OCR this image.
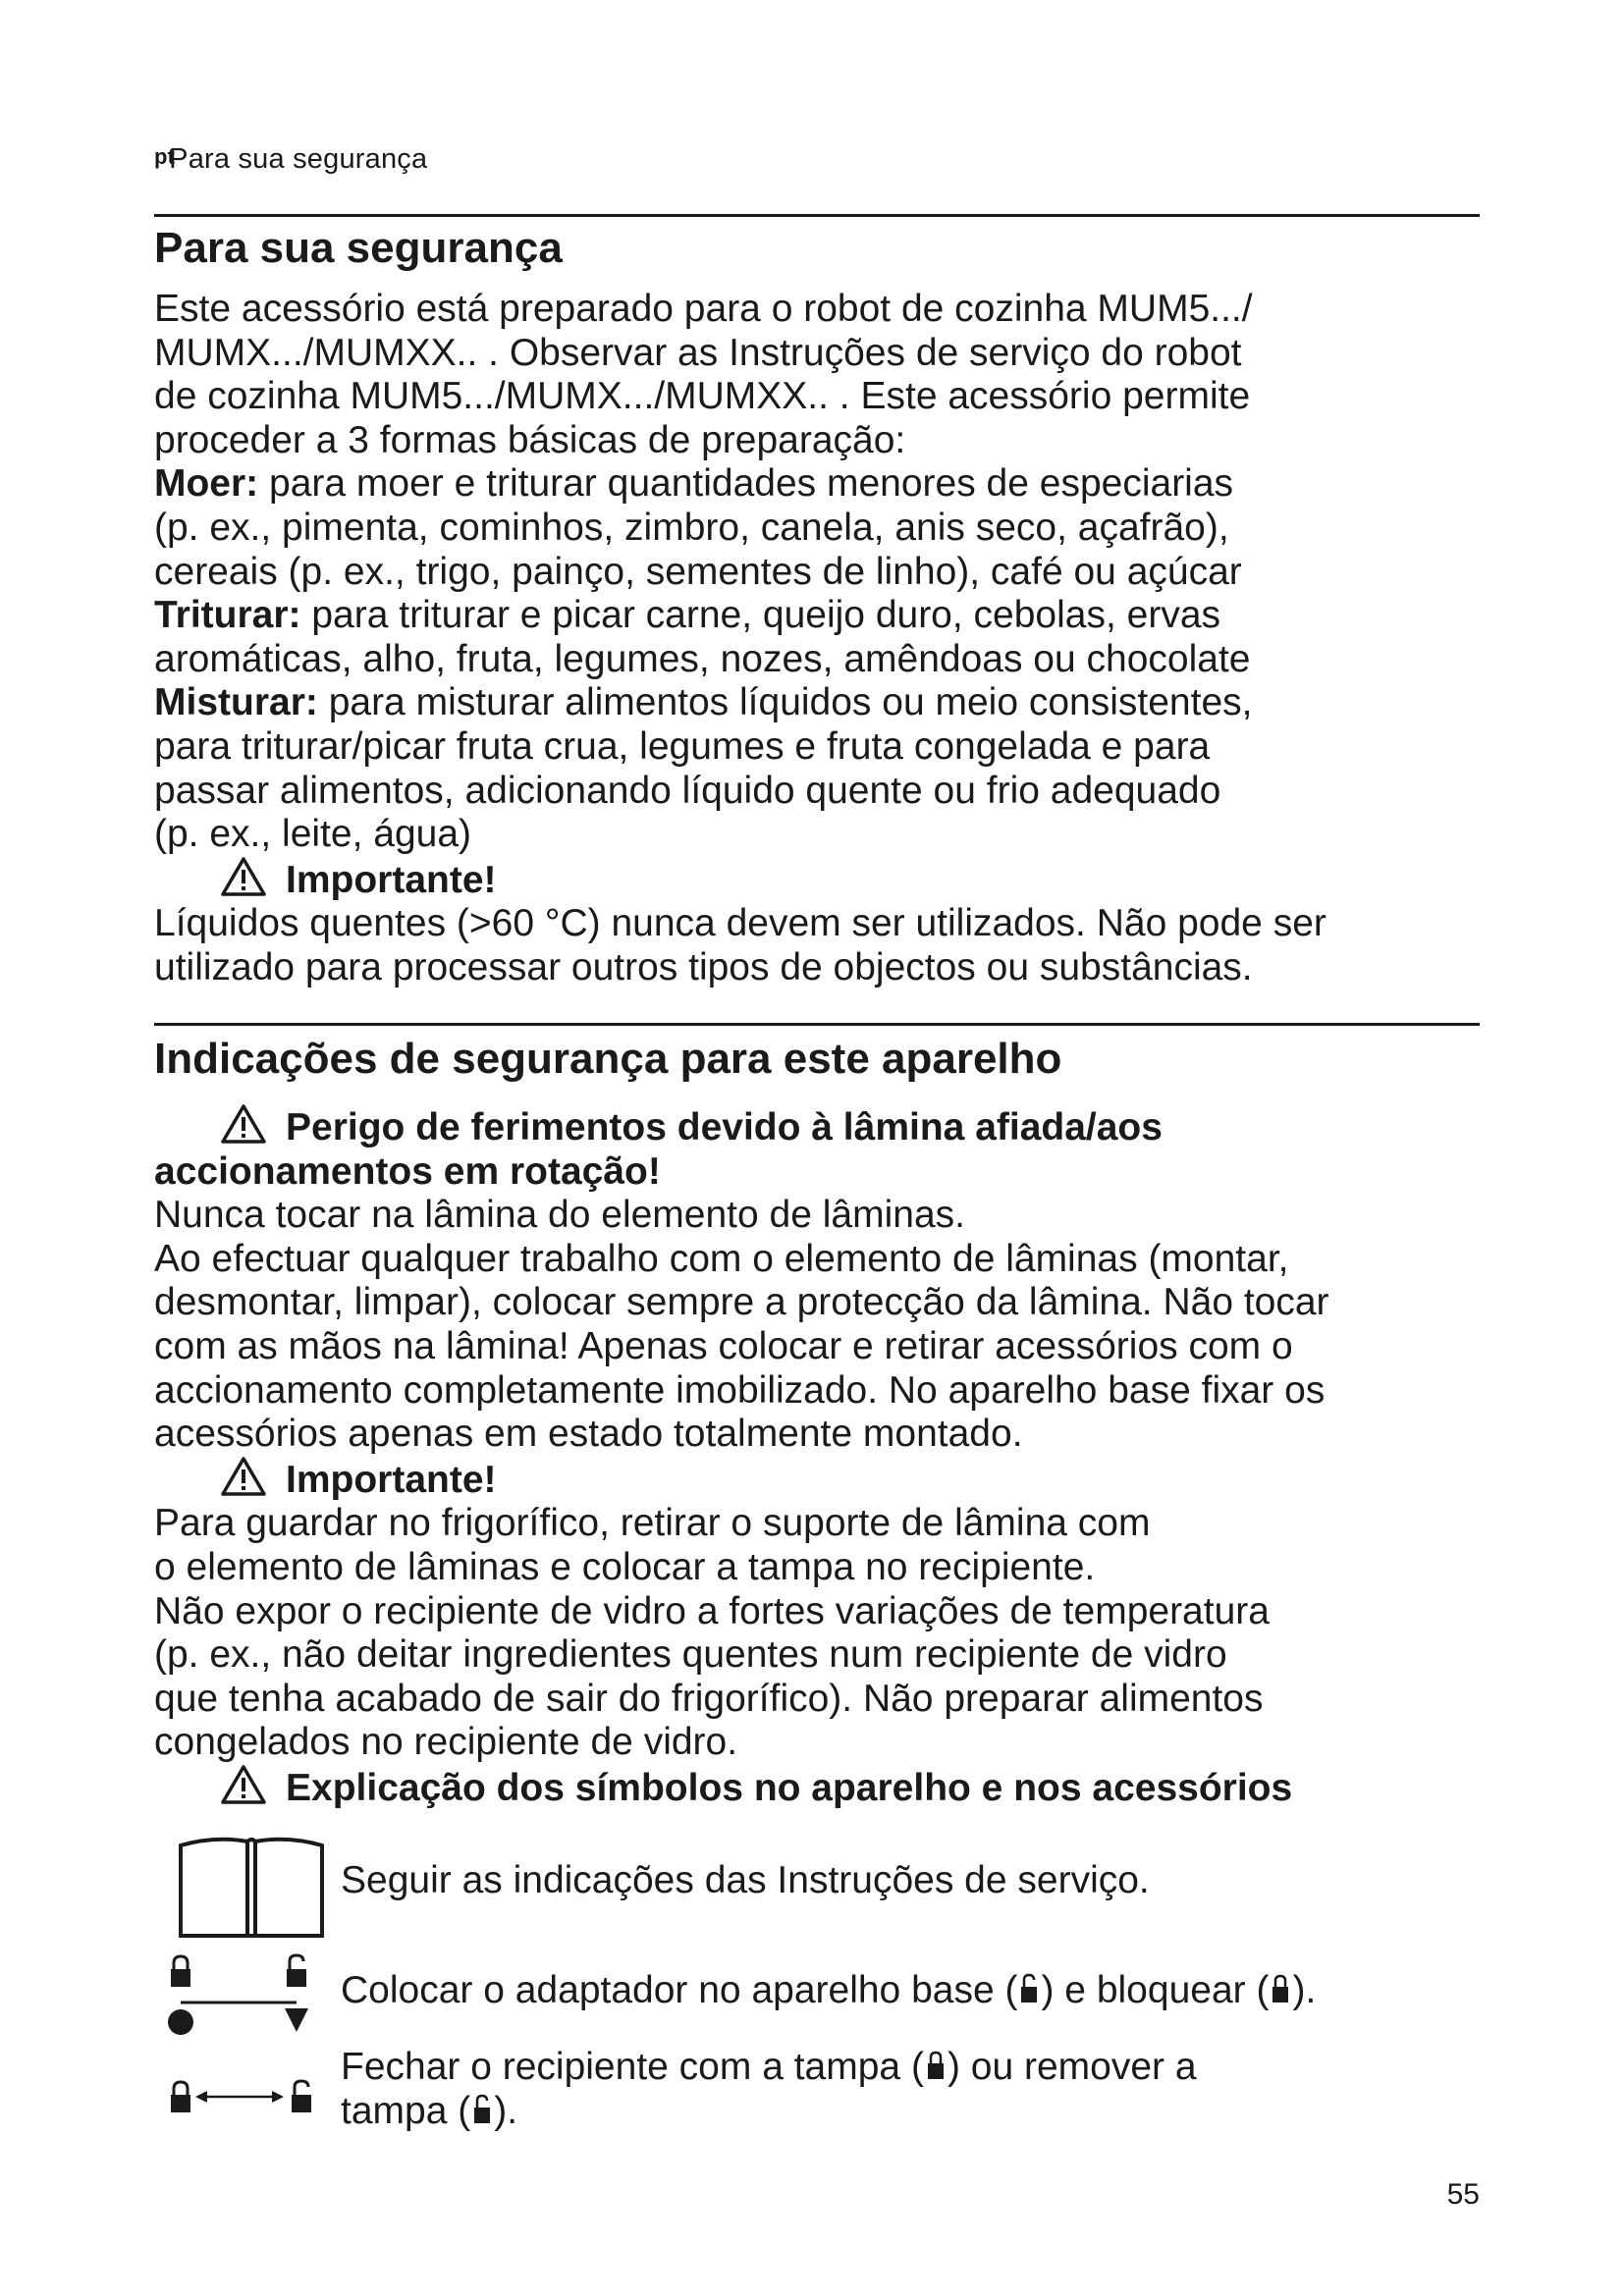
ptPara sua segurança
Para sua segurança

Este acessório está preparado para o robot de cozinha MUM5.../

MUMX.../MUMXX.. . Observar as Instruções de serviço do robot

de cozinha MUM5.../MUMX.../MUMXX.. . Este acessório permite

proceder a 3 formas básicas de preparação:

Moer: para moer e triturar quantidades menores de especiarias

(p. ex., pimenta, cominhos, zimbro, canela, anis seco, açafrão),

cereais (p. ex., trigo, painço, sementes de linho), café ou açúcar

Triturar: para triturar e picar carne, queijo duro, cebolas, ervas

aromáticas, alho, fruta, legumes, nozes, amêndoas ou chocolate

Misturar: para misturar alimentos líquidos ou meio consistentes,

para triturar/picar fruta crua, legumes e fruta congelada e para

passar alimentos, adicionando líquido quente ou frio adequado

(p. ex., leite, água)

Importante!

Líquidos quentes (>60 °C) nunca devem ser utilizados. Não pode ser

utilizado para processar outros tipos de objectos ou substâncias.

Indicações de segurança para este aparelho

Perigo de ferimentos devido à lâmina afiada/aos

accionamentos em rotação!

Nunca tocar na lâmina do elemento de lâminas.

Ao efectuar qualquer trabalho com o elemento de lâminas (montar,

desmontar, limpar), colocar sempre a protecção da lâmina. Não tocar

com as mãos na lâmina! Apenas colocar e retirar acessórios com o

accionamento completamente imobilizado. No aparelho base fixar os

acessórios apenas em estado totalmente montado.

Importante!

Para guardar no frigorífico, retirar o suporte de lâmina com

o elemento de lâminas e colocar a tampa no recipiente.

Não expor o recipiente de vidro a fortes variações de temperatura

(p. ex., não deitar ingredientes quentes num recipiente de vidro

que tenha acabado de sair do frigorífico). Não preparar alimentos

congelados no recipiente de vidro.

Explicação dos símbolos no aparelho e nos acessórios

Seguir as indicações das Instruções de serviço.
Colocar o adaptador no aparelho base ( ) e bloquear ( ).
Fechar o recipiente com a tampa ( ) ou remover a
tampa ( ).
55
